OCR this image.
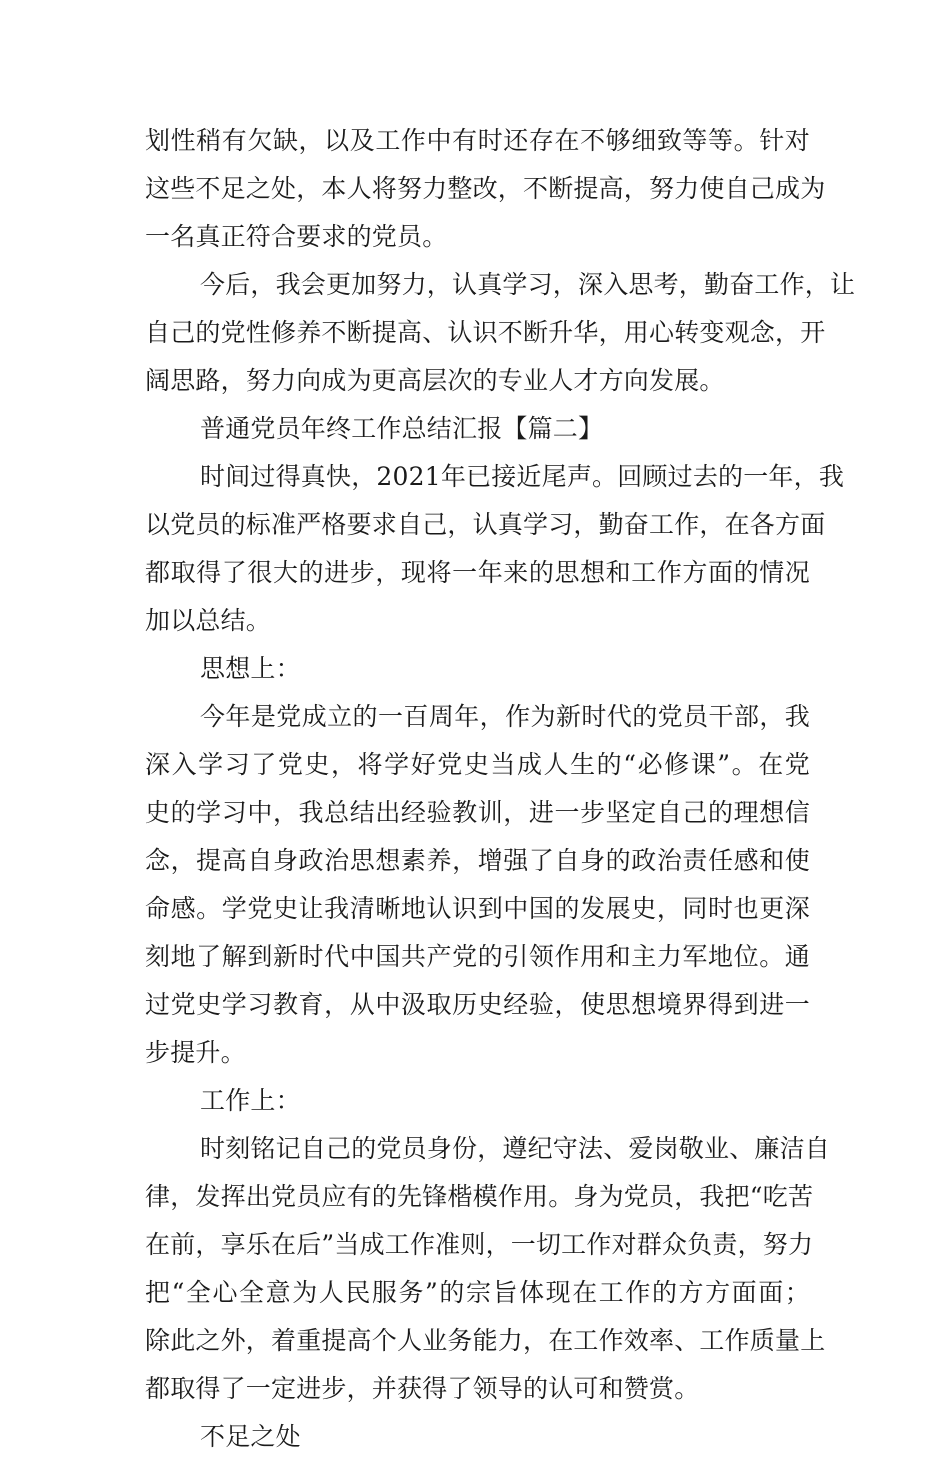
划性稍有欠缺，以及工作中有时还存在不够细致等等。针对
这些不足之处，本人将努力整改，不断提高，努力使自己成为
一名真正符合要求的党员。
今后，我会更加努力，认真学习，深入思考，勤奋工作，让
自己的党性修养不断提高、认识不断升华，用心转变观念，开
阔思路，努力向成为更高层次的专业人才方向发展。
普通党员年终工作总结汇报【篇二】
时间过得真快，2021年已接近尾声。回顾过去的一年，我
以党员的标准严格要求自己，认真学习，勤奋工作，在各方面
都取得了很大的进步，现将一年来的思想和工作方面的情况
加以总结。
思想上：
今年是党成立的一百周年，作为新时代的党员干部，我
深入学习了党史，将学好党史当成人生的“必修课”。在党
史的学习中，我总结出经验教训，进一步坚定自己的理想信
念，提高自身政治思想素养，增强了自身的政治责任感和使
命感。学党史让我清晰地认识到中国的发展史，同时也更深
刻地了解到新时代中国共产党的引领作用和主力军地位。通
过党史学习教育，从中汲取历史经验，使思想境界得到进一
步提升。
工作上：
时刻铭记自己的党员身份，遵纪守法、爱岗敬业、廉洁自
律，发挥出党员应有的先锋楷模作用。身为党员，我把“吃苦
在前，享乐在后”当成工作准则，一切工作对群众负责，努力
把“全心全意为人民服务”的宗旨体现在工作的方方面面；
除此之外，着重提高个人业务能力，在工作效率、工作质量上
都取得了一定进步，并获得了领导的认可和赞赏。
不足之处
